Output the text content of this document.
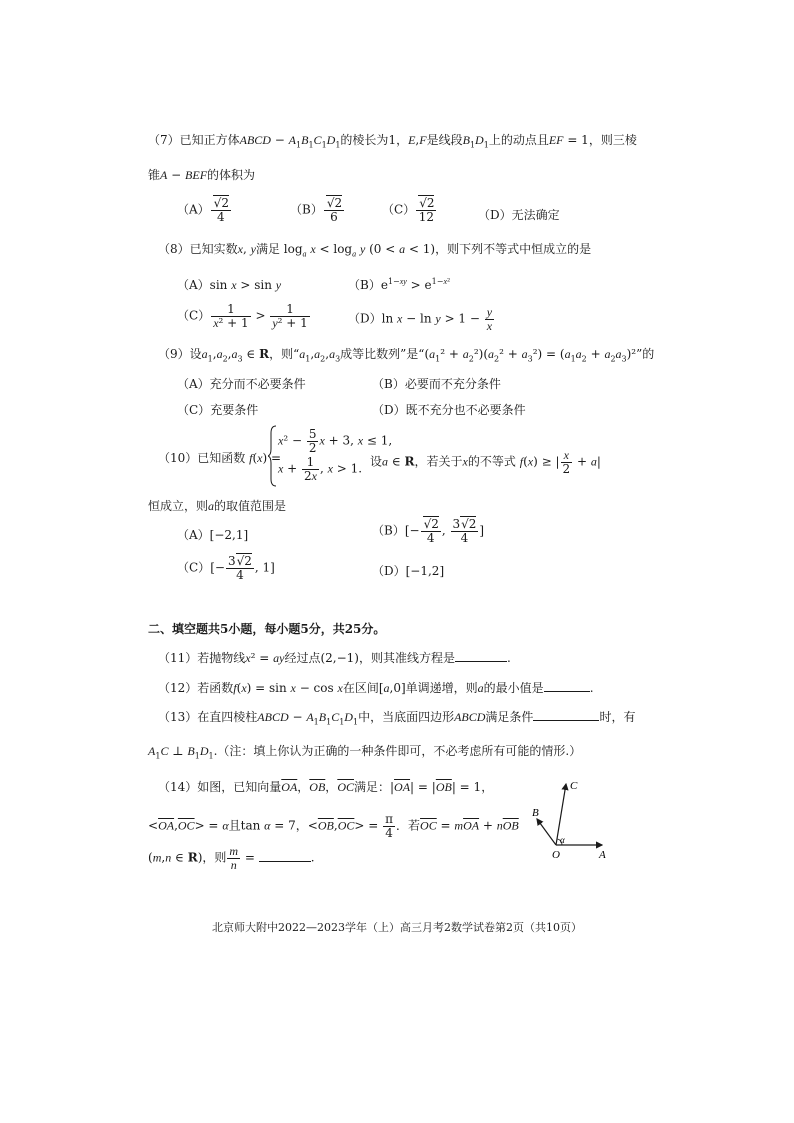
（7）已知正方体ABCD − $A_1B_1C_1D_1$的棱长为1，E,F是线段$B_1D_1$上的动点且EF = 1，则三棱
锥A − BEF的体积为
$(A) \frac{√2}{4}$	$(B) \frac{√2}{6}$	$(C) \frac{√2}{12}$	（D）无法确定
（8）已知实数x, y满足 $\log_a x < \log_a y$ (0 < a < 1)，则下列不等式中恒成立的是
（A）sin x > sin y	$(B)e^{1-xy} > e^{1-x^2}$
$(C) \frac{1}{\text{x² + 1}} > \frac{1}{\text{y² + 1}}$	（D）ln $x - \ln y > 1 - \frac{y}{x}$
（9）设$a_1,a_2,a_3$ ∈ R，则“$a_1,a_2,a_3$成等比数列”是“$(a_1^2 + a_2^2)(a_2^2 + a_3^2) = (a_1a_2 + a_2a_3)^2$”的
（A）充分而不必要条件	（B）必要而不充分条件
（C）充要条件	（D）既不充分也不必要条件
（10）已知函数 f(x) =
$x^2 - \frac{5}{2}$ x + 3, x ≤ 1,
$x + \frac{1}{2x}$ , x > 1. 设a ∈ R，若关于x的不等式 f(x) ≥ | $\frac{x}{2} + a|$
恒成立，则a的取值范围是
（A）[−2,1]	$(B)[- \frac{√2}{4}$ , $\frac{3√2}{4}$ ]
$(C)[- \frac{3√2}{4}$ , 1]	（D）[−1,2]
二、填空题共5小题，每小题5分，共25分。
（11）若抛物线x² = ay经过点(2,−1)，则其准线方程是	.
（12）若函数f(x) = sin x − cos x在区间[a,0]单调递增，则a的最小值是	.
（13）在直四棱柱ABCD − $A_1B_1C_1D_1$中，当底面四边形ABCD满足条件	时，有
$A_1C$ ⊥ $B_1D_1$.（注：填上你认为正确的一种条件即可，不必考虑所有可能的情形.）
（14）如图，已知向量$\overline{OA}$，$\overline{OB}$，$\overline{OC}$满足：$|\overline{OA}| = |\overline{OB}| = 1$，
$<\overline{OA},\overline{OC}> = \alpha$且tan α = 7，$<\overline{OB},\overline{OC}> = \frac{\pi}{4}$ ．若$\overline{OC} = m\overline{OA} + n\overline{OB}$
(m,n ∈ R)，则 $\frac{m}{n}$ =	.	O	A
B
C
α
北京师大附中2022—2023学年（上）高三月考2数学试卷第2页（共10页）
